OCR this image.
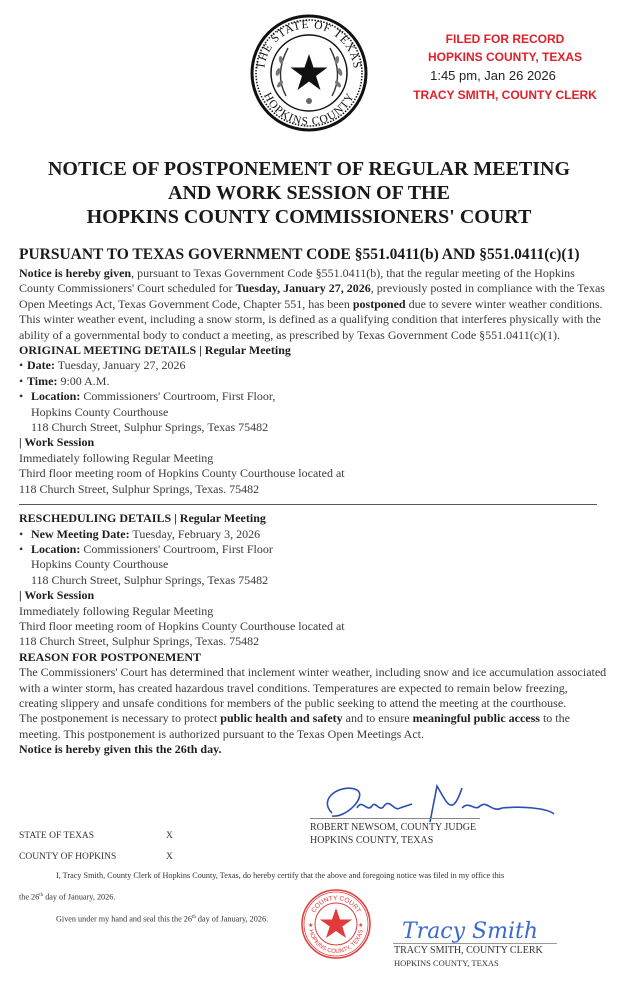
THE STATE OF TEXAS
HOPKINS COUNTY
FILED FOR RECORD
HOPKINS COUNTY, TEXAS
1:45 pm, Jan 26 2026
TRACY SMITH, COUNTY CLERK
NOTICE OF POSTPONEMENT OF REGULAR MEETING
AND WORK SESSION OF THE
HOPKINS COUNTY COMMISSIONERS' COURT
PURSUANT TO TEXAS GOVERNMENT CODE §551.0411(b) AND §551.0411(c)(1)
Notice is hereby given, pursuant to Texas Government Code §551.0411(b), that the regular meeting of the Hopkins County Commissioners' Court scheduled for Tuesday, January 27, 2026, previously posted in compliance with the Texas Open Meetings Act, Texas Government Code, Chapter 551, has been postponed due to severe winter weather conditions.
This winter weather event, including a snow storm, is defined as a qualifying condition that interferes physically with the ability of a governmental body to conduct a meeting, as prescribed by Texas Government Code §551.0411(c)(1).
ORIGINAL MEETING DETAILS | Regular Meeting
• Date: Tuesday, January 27, 2026
• Time: 9:00 A.M.
• Location: Commissioners' Courtroom, First Floor,
Hopkins County Courthouse
118 Church Street, Sulphur Springs, Texas 75482
| Work Session
Immediately following Regular Meeting
Third floor meeting room of Hopkins County Courthouse located at
118 Church Street, Sulphur Springs, Texas. 75482
RESCHEDULING DETAILS | Regular Meeting
• New Meeting Date: Tuesday, February 3, 2026
• Location: Commissioners' Courtroom, First Floor
Hopkins County Courthouse
118 Church Street, Sulphur Springs, Texas 75482
| Work Session
Immediately following Regular Meeting
Third floor meeting room of Hopkins County Courthouse located at
118 Church Street, Sulphur Springs, Texas. 75482
REASON FOR POSTPONEMENT
The Commissioners' Court has determined that inclement winter weather, including snow and ice accumulation associated with a winter storm, has created hazardous travel conditions. Temperatures are expected to remain below freezing, creating slippery and unsafe conditions for members of the public seeking to attend the meeting at the courthouse.
The postponement is necessary to protect public health and safety and to ensure meaningful public access to the meeting. This postponement is authorized pursuant to the Texas Open Meetings Act.
Notice is hereby given this the 26th day.
ROBERT NEWSOM, COUNTY JUDGE
HOPKINS COUNTY, TEXAS
STATE OF TEXAS	X
COUNTY OF HOPKINS	X
I, Tracy Smith, County Clerk of Hopkins County, Texas, do hereby certify that the above and foregoing notice was filed in my office this
the 26th day of January, 2026.
Given under my hand and seal this the 26th day of January, 2026.
COUNTY COURT
HOPKINS COUNTY, TEXAS
★	★ Tracy Smith
TRACY SMITH, COUNTY CLERK
HOPKINS COUNTY, TEXAS
